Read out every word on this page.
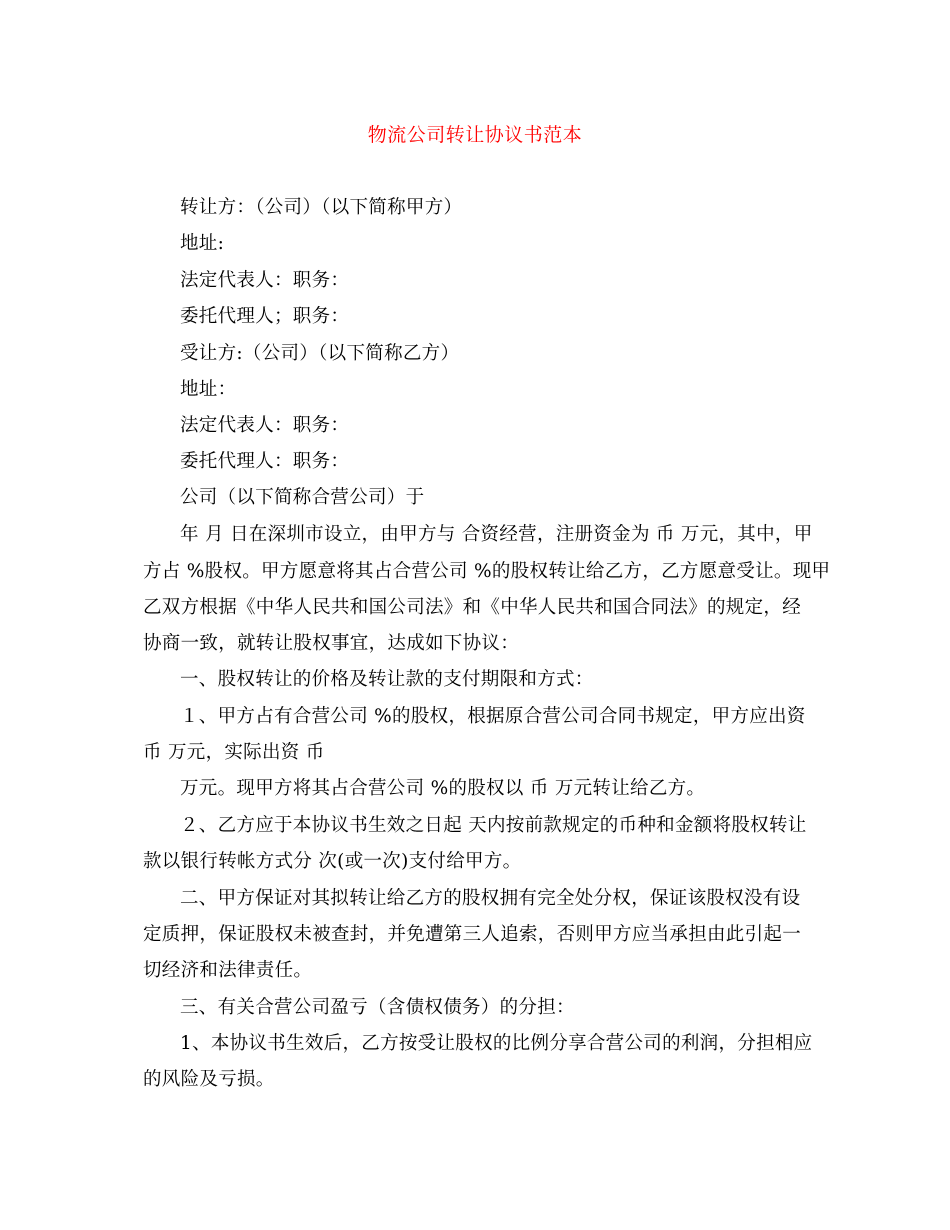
物流公司转让协议书范本
转让方：（公司）（以下简称甲方）
地址:
法定代表人：职务：
委托代理人；职务：
受让方:（公司）（以下简称乙方）
地址：
法定代表人：职务：
委托代理人：职务：
公司（以下简称合营公司）于
年 月 日在深圳市设立，由甲方与 合资经营，注册资金为 币 万元，其中，甲
方占 %股权。甲方愿意将其占合营公司 %的股权转让给乙方，乙方愿意受让。现甲
乙双方根据《中华人民共和国公司法》和《中华人民共和国合同法》的规定，经
协商一致，就转让股权事宜，达成如下协议：
一、股权转让的价格及转让款的支付期限和方式：
１、甲方占有合营公司 %的股权，根据原合营公司合同书规定，甲方应出资
币 万元，实际出资 币
万元。现甲方将其占合营公司 %的股权以 币 万元转让给乙方。
２、乙方应于本协议书生效之日起 天内按前款规定的币种和金额将股权转让
款以银行转帐方式分 次(或一次)支付给甲方。
二、甲方保证对其拟转让给乙方的股权拥有完全处分权，保证该股权没有设
定质押，保证股权未被查封，并免遭第三人追索，否则甲方应当承担由此引起一
切经济和法律责任。
三、有关合营公司盈亏（含债权债务）的分担：
1、本协议书生效后，乙方按受让股权的比例分享合营公司的利润，分担相应
的风险及亏损。
